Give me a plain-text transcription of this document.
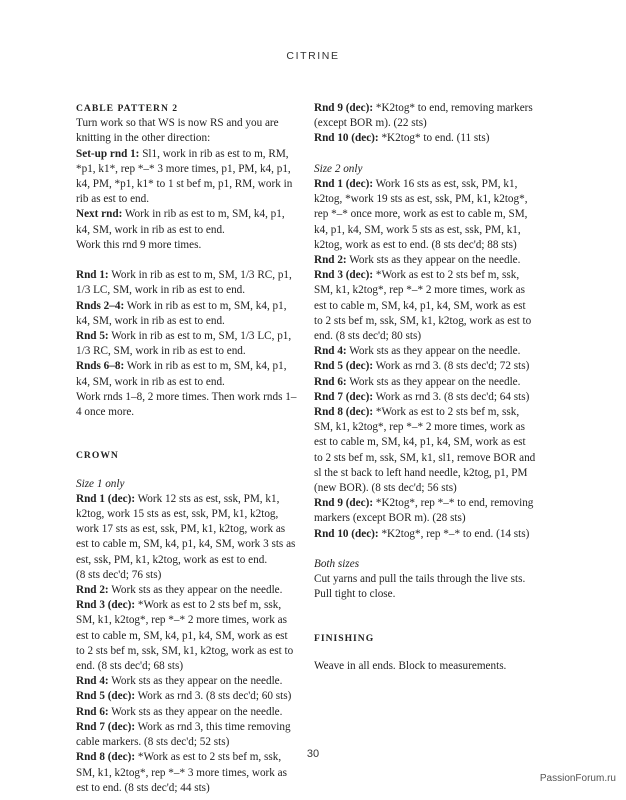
CITRINE

CABLE PATTERN 2

Turn work so that WS is now RS and you are knitting in the other direction:

Set-up rnd 1: Sl1, work in rib as est to m, RM, *p1, k1*, rep *–* 3 more times, p1, PM, k4, p1, k4, PM, *p1, k1* to 1 st bef m, p1, RM, work in rib as est to end.

Next rnd: Work in rib as est to m, SM, k4, p1, k4, SM, work in rib as est to end.

Work this rnd 9 more times.

Rnd 1: Work in rib as est to m, SM, 1/3 RC, p1, 1/3 LC, SM, work in rib as est to end.

Rnds 2–4: Work in rib as est to m, SM, k4, p1, k4, SM, work in rib as est to end.

Rnd 5: Work in rib as est to m, SM, 1/3 LC, p1, 1/3 RC, SM, work in rib as est to end.

Rnds 6–8: Work in rib as est to m, SM, k4, p1, k4, SM, work in rib as est to end.

Work rnds 1–8, 2 more times. Then work rnds 1–4 once more.

CROWN

Size 1 only

Rnd 1 (dec): Work 12 sts as est, ssk, PM, k1, k2tog, work 15 sts as est, ssk, PM, k1, k2tog, work 17 sts as est, ssk, PM, k1, k2tog, work as est to cable m, SM, k4, p1, k4, SM, work 3 sts as est, ssk, PM, k1, k2tog, work as est to end.

(8 sts dec'd; 76 sts)

Rnd 2: Work sts as they appear on the needle.

Rnd 3 (dec): *Work as est to 2 sts bef m, ssk, SM, k1, k2tog*, rep *–* 2 more times, work as est to cable m, SM, k4, p1, k4, SM, work as est to 2 sts bef m, ssk, SM, k1, k2tog, work as est to end. (8 sts dec'd; 68 sts)

Rnd 4: Work sts as they appear on the needle.

Rnd 5 (dec): Work as rnd 3. (8 sts dec'd; 60 sts)

Rnd 6: Work sts as they appear on the needle.

Rnd 7 (dec): Work as rnd 3, this time removing cable markers. (8 sts dec'd; 52 sts)

Rnd 8 (dec): *Work as est to 2 sts bef m, ssk, SM, k1, k2tog*, rep *–* 3 more times, work as est to end. (8 sts dec'd; 44 sts)

Rnd 9 (dec): *K2tog* to end, removing markers (except BOR m). (22 sts)

Rnd 10 (dec): *K2tog* to end. (11 sts)

Size 2 only

Rnd 1 (dec): Work 16 sts as est, ssk, PM, k1, k2tog, *work 19 sts as est, ssk, PM, k1, k2tog*, rep *–* once more, work as est to cable m, SM, k4, p1, k4, SM, work 5 sts as est, ssk, PM, k1, k2tog, work as est to end. (8 sts dec'd; 88 sts)

Rnd 2: Work sts as they appear on the needle.

Rnd 3 (dec): *Work as est to 2 sts bef m, ssk, SM, k1, k2tog*, rep *–* 2 more times, work as est to cable m, SM, k4, p1, k4, SM, work as est to 2 sts bef m, ssk, SM, k1, k2tog, work as est to end. (8 sts dec'd; 80 sts)

Rnd 4: Work sts as they appear on the needle.

Rnd 5 (dec): Work as rnd 3. (8 sts dec'd; 72 sts)

Rnd 6: Work sts as they appear on the needle.

Rnd 7 (dec): Work as rnd 3. (8 sts dec'd; 64 sts)

Rnd 8 (dec): *Work as est to 2 sts bef m, ssk, SM, k1, k2tog*, rep *–* 2 more times, work as est to cable m, SM, k4, p1, k4, SM, work as est to 2 sts bef m, ssk, SM, k1, sl1, remove BOR and sl the st back to left hand needle, k2tog, p1, PM (new BOR). (8 sts dec'd; 56 sts)

Rnd 9 (dec): *K2tog*, rep *–* to end, removing markers (except BOR m). (28 sts)

Rnd 10 (dec): *K2tog*, rep *–* to end. (14 sts)

Both sizes

Cut yarns and pull the tails through the live sts. Pull tight to close.

FINISHING

Weave in all ends. Block to measurements.

30
PassionForum.ru
